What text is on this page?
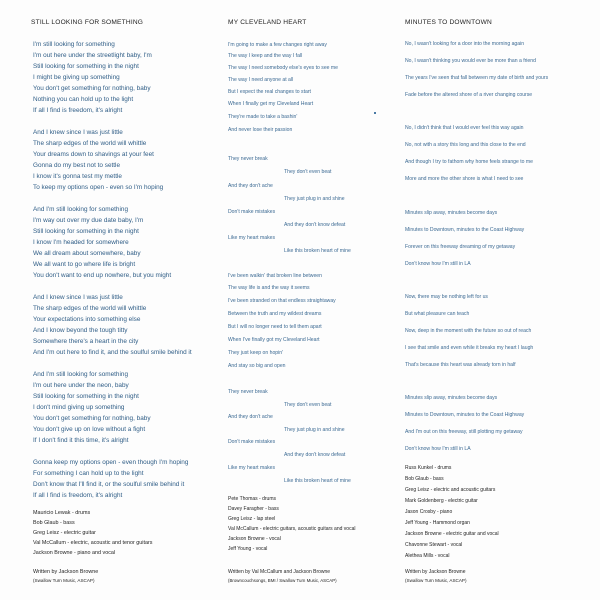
STILL LOOKING FOR SOMETHING
I'm still looking for something
I'm out here under the streetlight baby, I'm
Still looking for something in the night
I might be giving up something
You don't get something for nothing, baby
Nothing you can hold up to the light
If all I find is freedom, it's alright
And I knew since I was just little
The sharp edges of the world will whittle
Your dreams down to shavings at your feet
Gonna do my best not to settle
I know it's gonna test my mettle
To keep my options open - even so I'm hoping
And I'm still looking for something
I'm way out over my due date baby, I'm
Still looking for something in the night
I know I'm headed for somewhere
We all dream about somewhere, baby
We all want to go where life is bright
You don't want to end up nowhere, but you might
And I knew since I was just little
The sharp edges of the world will whittle
Your expectations into something else
And I know beyond the tough titty
Somewhere there's a heart in the city
And I'm out here to find it, and the soulful smile behind it
And I'm still looking for something
I'm out here under the neon, baby
Still looking for something in the night
I don't mind giving up something
You don't get something for nothing, baby
You don't give up on love without a fight
If I don't find it this time, it's alright
Gonna keep my options open - even though I'm hoping
For something I can hold up to the light
Don't know that I'll find it, or the soulful smile behind it
If all I find is freedom, it's alright
Mauricio Lewak - drums
Bob Glaub - bass
Greg Leisz - electric guitar
Val McCallum - electric, acoustic and tenor guitars
Jackson Browne - piano and vocal
Written by Jackson Browne
(Swallow Turn Music, ASCAP)
MY CLEVELAND HEART
I'm going to make a few changes right away
The way I keep and the way I fall
The way I need somebody else's eyes to see me
The way I need anyone at all
But I expect the real changes to start
When I finally get my Cleveland Heart
They're made to take a bashin'
And never lose their passion
They never break
They don't even beat
And they don't ache
They just plug in and shine
Don't make mistakes
And they don't know defeat
Like my heart makes
Like this broken heart of mine
I've been walkin' that broken line between
The way life is and the way it seems
I've been stranded on that endless straightaway
Between the truth and my wildest dreams
But I will no longer need to tell them apart
When I've finally got my Cleveland Heart
They just keep on hopin'
And stay so big and open
They never break
They don't even beat
And they don't ache
They just plug in and shine
Don't make mistakes
And they don't know defeat
Like my heart makes
Like this broken heart of mine
Pete Thomas - drums
Davey Faragher - bass
Greg Leisz - lap steel
Val McCallum - electric guitars, acoustic guitars and vocal
Jackson Browne - vocal
Jeff Young - vocal
Written by Val McCallum and Jackson Browne
(Browncouchsongs, BMI / Swallow Turn Music, ASCAP)
MINUTES TO DOWNTOWN
No, I wasn't looking for a door into the morning again
No, I wasn't thinking you would ever be more than a friend
The years I've seen that fall between my date of birth and yours
Fade before the altered shore of a river changing course
No, I didn't think that I would ever feel this way again
No, not with a story this long and this close to the end
And though I try to fathom why home feels strange to me
More and more the other shore is what I need to see
Minutes slip away, minutes become days
Minutes to Downtown, minutes to the Coast Highway
Forever on this freeway dreaming of my getaway
Don't know how I'm still in LA
Now, there may be nothing left for us
But what pleasure can teach
Now, deep in the moment with the future so out of reach
I see that smile and even while it breaks my heart I laugh
That's because this heart was already torn in half
Minutes slip away, minutes become days
Minutes to Downtown, minutes to the Coast Highway
And I'm out on this freeway, still plotting my getaway
Don't know how I'm still in LA
Russ Kunkel - drums
Bob Glaub - bass
Greg Leisz - electric and acoustic guitars
Mark Goldenberg - electric guitar
Jason Crosby - piano
Jeff Young - Hammond organ
Jackson Browne - electric guitar and vocal
Chavonne Stewart - vocal
Alethea Mills - vocal
Written by Jackson Browne
(Swallow Turn Music, ASCAP)
